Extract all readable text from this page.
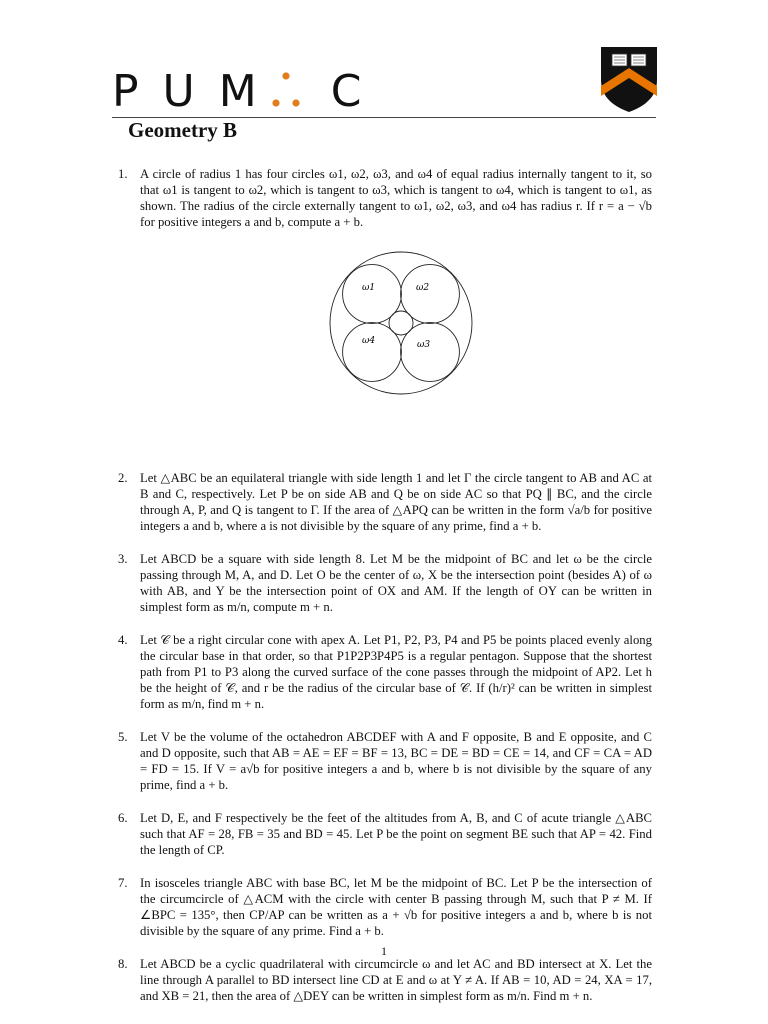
P U M C
Geometry B
1. A circle of radius 1 has four circles ω1, ω2, ω3, and ω4 of equal radius internally tangent to it, so that ω1 is tangent to ω2, which is tangent to ω3, which is tangent to ω4, which is tangent to ω1, as shown. The radius of the circle externally tangent to ω1, ω2, ω3, and ω4 has radius r. If r = a − √b for positive integers a and b, compute a + b.
2. Let △ABC be an equilateral triangle with side length 1 and let Γ the circle tangent to AB and AC at B and C, respectively. Let P be on side AB and Q be on side AC so that PQ ∥ BC, and the circle through A, P, and Q is tangent to Γ. If the area of △APQ can be written in the form √a/b for positive integers a and b, where a is not divisible by the square of any prime, find a + b.
3. Let ABCD be a square with side length 8. Let M be the midpoint of BC and let ω be the circle passing through M, A, and D. Let O be the center of ω, X be the intersection point (besides A) of ω with AB, and Y be the intersection point of OX and AM. If the length of OY can be written in simplest form as m/n, compute m + n.
4. Let 𝒞 be a right circular cone with apex A. Let P1, P2, P3, P4 and P5 be points placed evenly along the circular base in that order, so that P1P2P3P4P5 is a regular pentagon. Suppose that the shortest path from P1 to P3 along the curved surface of the cone passes through the midpoint of AP2. Let h be the height of 𝒞, and r be the radius of the circular base of 𝒞. If (h/r)² can be written in simplest form as m/n, find m + n.
5. Let V be the volume of the octahedron ABCDEF with A and F opposite, B and E opposite, and C and D opposite, such that AB = AE = EF = BF = 13, BC = DE = BD = CE = 14, and CF = CA = AD = FD = 15. If V = a√b for positive integers a and b, where b is not divisible by the square of any prime, find a + b.
6. Let D, E, and F respectively be the feet of the altitudes from A, B, and C of acute triangle △ABC such that AF = 28, FB = 35 and BD = 45. Let P be the point on segment BE such that AP = 42. Find the length of CP.
7. In isosceles triangle ABC with base BC, let M be the midpoint of BC. Let P be the intersection of the circumcircle of △ACM with the circle with center B passing through M, such that P ≠ M. If ∠BPC = 135°, then CP/AP can be written as a + √b for positive integers a and b, where b is not divisible by the square of any prime. Find a + b.
8. Let ABCD be a cyclic quadrilateral with circumcircle ω and let AC and BD intersect at X. Let the line through A parallel to BD intersect line CD at E and ω at Y ≠ A. If AB = 10, AD = 24, XA = 17, and XB = 21, then the area of △DEY can be written in simplest form as m/n. Find m + n.
ω1	ω2
ω3
ω4
1
